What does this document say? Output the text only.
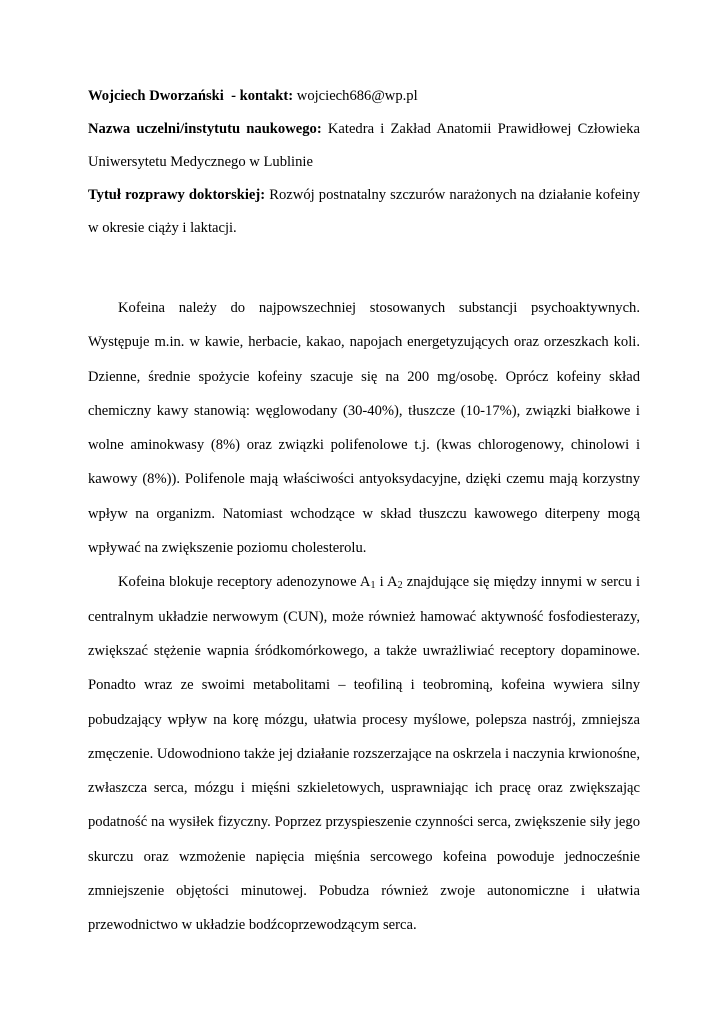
Wojciech Dworzański - kontakt: wojciech686@wp.pl

Nazwa uczelni/instytutu naukowego: Katedra i Zakład Anatomii Prawidłowej Człowieka Uniwersytetu Medycznego w Lublinie

Tytuł rozprawy doktorskiej: Rozwój postnatalny szczurów narażonych na działanie kofeiny w okresie ciąży i laktacji.

Kofeina należy do najpowszechniej stosowanych substancji psychoaktywnych. Występuje m.in. w kawie, herbacie, kakao, napojach energetyzujących oraz orzeszkach koli. Dzienne, średnie spożycie kofeiny szacuje się na 200 mg/osobę. Oprócz kofeiny skład chemiczny kawy stanowią: węglowodany (30-40%), tłuszcze (10-17%), związki białkowe i wolne aminokwasy (8%) oraz związki polifenolowe t.j. (kwas chlorogenowy, chinolowi i kawowy (8%)). Polifenole mają właściwości antyoksydacyjne, dzięki czemu mają korzystny wpływ na organizm. Natomiast wchodzące w skład tłuszczu kawowego diterpeny mogą wpływać na zwiększenie poziomu cholesterolu.

Kofeina blokuje receptory adenozynowe $A_1$ i $A_2$ znajdujące się między innymi w sercu i centralnym układzie nerwowym (CUN), może również hamować aktywność fosfodiesterazy, zwiększać stężenie wapnia śródkomórkowego, a także uwrażliwiać receptory dopaminowe. Ponadto wraz ze swoimi metabolitami – teofiliną i teobrominą, kofeina wywiera silny pobudzający wpływ na korę mózgu, ułatwia procesy myślowe, polepsza nastrój, zmniejsza zmęczenie. Udowodniono także jej działanie rozszerzające na oskrzela i naczynia krwionośne, zwłaszcza serca, mózgu i mięśni szkieletowych, usprawniając ich pracę oraz zwiększając podatność na wysiłek fizyczny. Poprzez przyspieszenie czynności serca, zwiększenie siły jego skurczu oraz wzmożenie napięcia mięśnia sercowego kofeina powoduje jednocześnie zmniejszenie objętości minutowej. Pobudza również zwoje autonomiczne i ułatwia przewodnictwo w układzie bodźcoprzewodzącym serca.
